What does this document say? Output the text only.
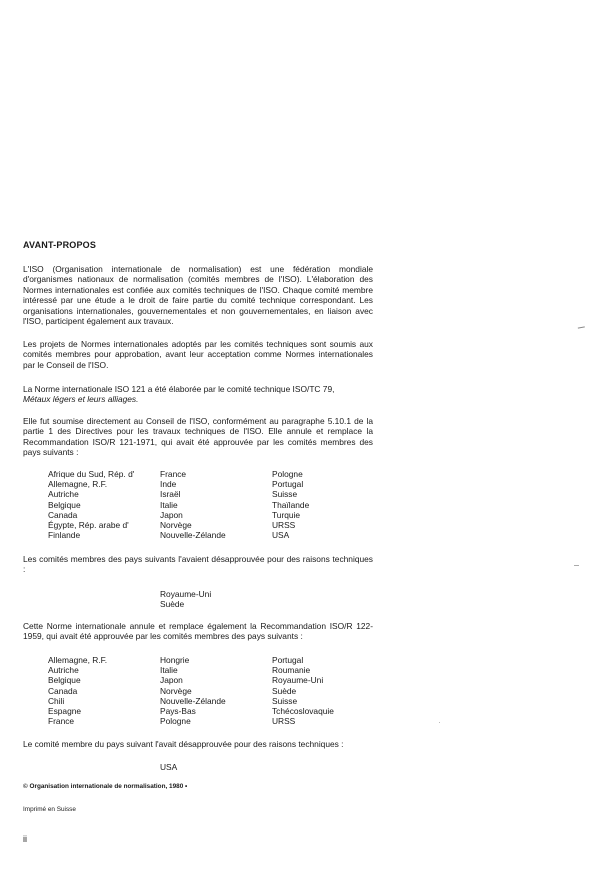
AVANT-PROPOS

L'ISO (Organisation internationale de normalisation) est une fédération mondiale d'organismes nationaux de normalisation (comités membres de l'ISO). L'élaboration des Normes internationales est confiée aux comités techniques de l'ISO. Chaque comité membre intéressé par une étude a le droit de faire partie du comité technique correspondant. Les organisations internationales, gouvernementales et non gouvernementales, en liaison avec l'ISO, participent également aux travaux.

Les projets de Normes internationales adoptés par les comités techniques sont soumis aux comités membres pour approbation, avant leur acceptation comme Normes internationales par le Conseil de l'ISO.

La Norme internationale ISO 121 a été élaborée par le comité technique ISO/TC 79,
Métaux légers et leurs alliages.

Elle fut soumise directement au Conseil de l'ISO, conformément au paragraphe 5.10.1 de la partie 1 des Directives pour les travaux techniques de l'ISO. Elle annule et remplace la Recommandation ISO/R 121-1971, qui avait été approuvée par les comités membres des pays suivants :

Afrique du Sud, Rép. d'
Allemagne, R.F.
Autriche
Belgique
Canada
Égypte, Rép. arabe d'
Finlande
France
Inde
Israël
Italie
Japon
Norvège
Nouvelle-Zélande
Pologne
Portugal
Suisse
Thaïlande
Turquie
URSS
USA

Les comités membres des pays suivants l'avaient désapprouvée pour des raisons techniques :

Royaume-Uni
Suède

Cette Norme internationale annule et remplace également la Recommandation ISO/R 122-1959, qui avait été approuvée par les comités membres des pays suivants :

Allemagne, R.F.
Autriche
Belgique
Canada
Chili
Espagne
France
Hongrie
Italie
Japon
Norvège
Nouvelle-Zélande
Pays-Bas
Pologne
Portugal
Roumanie
Royaume-Uni
Suède
Suisse
Tchécoslovaquie
URSS

Le comité membre du pays suivant l'avait désapprouvée pour des raisons techniques :

USA
© Organisation internationale de normalisation, 1980 •
Imprimé en Suisse
ii
